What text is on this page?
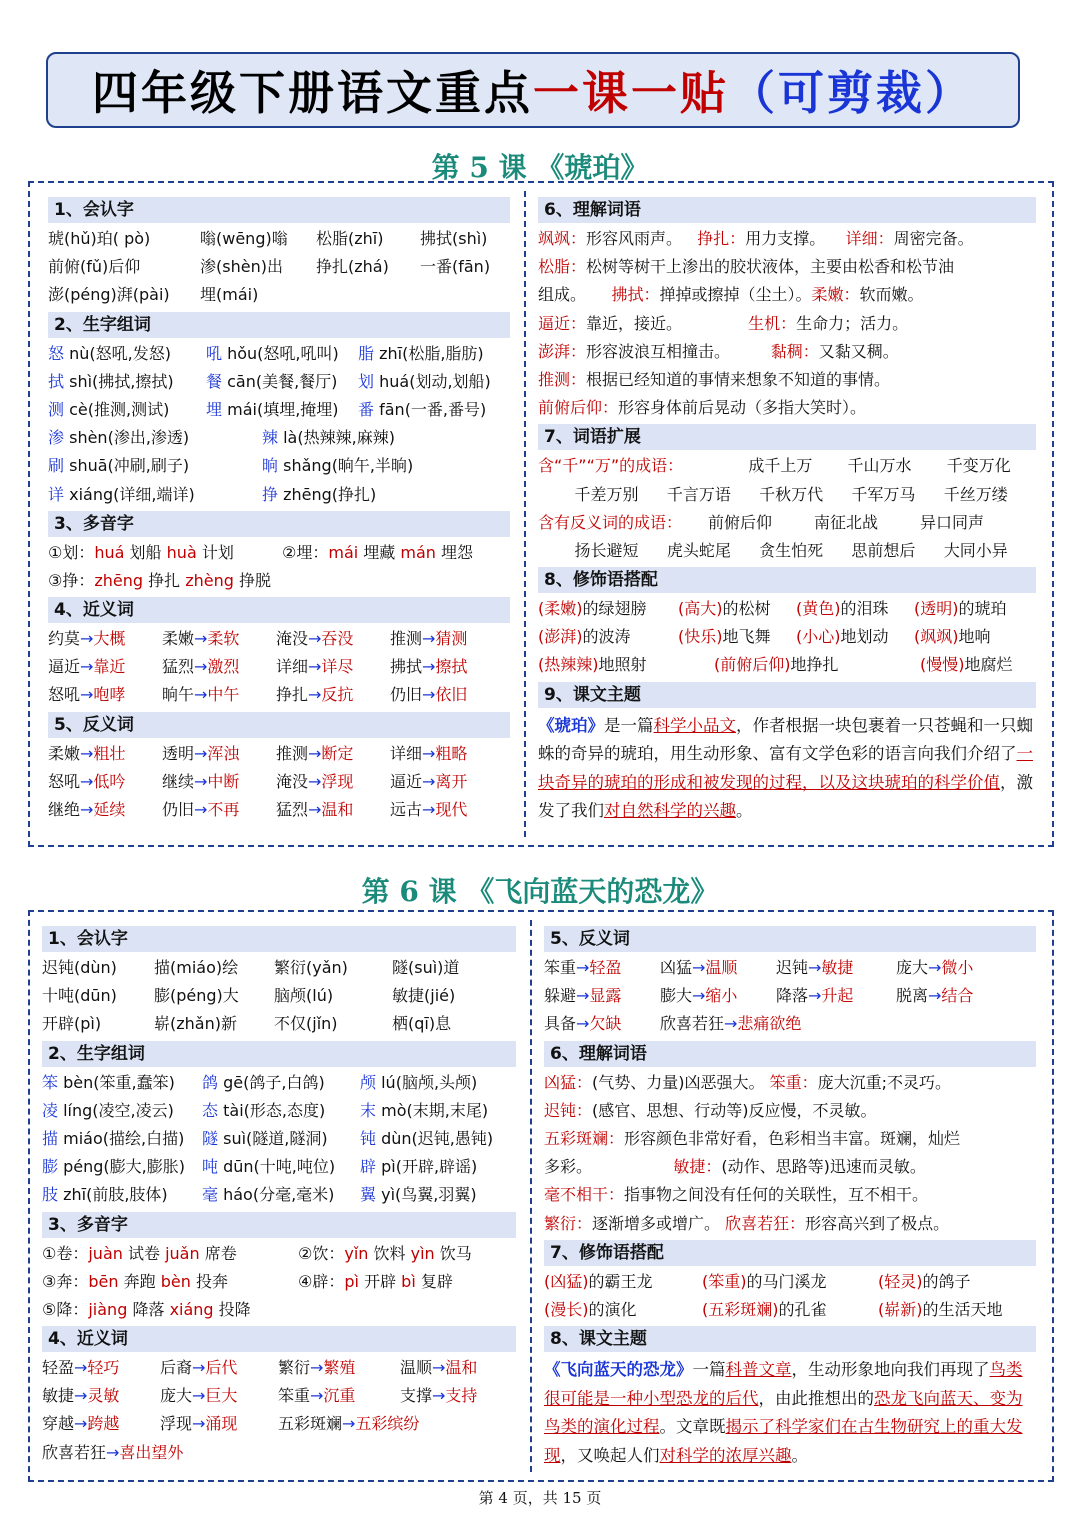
四年级下册语文重点 一课一贴 （可剪裁）
第 5 课 《琥珀》
1、会认字
琥(hǔ)珀( pò)	嗡(wēng)嗡	松脂(zhī)	拂拭(shì)
前俯(fǔ)后仰	渗(shèn)出	挣扎(zhá)	一番(fān)
澎(péng)湃(pài)	埋(mái)
2、生字组词
怒 nù(怒吼,发怒)	吼 hǒu(怒吼,吼叫)	脂 zhī(松脂,脂肪)
拭 shì(拂拭,擦拭)	餐 cān(美餐,餐厅)	划 huá(划动,划船)
测 cè(推测,测试)	埋 mái(填埋,掩埋)	番 fān(一番,番号)
渗 shèn(渗出,渗透)	辣 là(热辣辣,麻辣)
刷 shuā(冲刷,刷子)	晌 shǎng(晌午,半晌)
详 xiáng(详细,端详)	挣 zhēng(挣扎)
3、多音字
①划：huá 划船 huà 计划	②埋：mái 埋藏 mán 埋怨
③挣：zhēng 挣扎 zhèng 挣脱
4、近义词
约莫→大概	柔嫩→柔软	淹没→吞没	推测→猜测
逼近→靠近	猛烈→激烈	详细→详尽	拂拭→擦拭
怒吼→咆哮	晌午→中午	挣扎→反抗	仍旧→依旧
5、反义词
柔嫩→粗壮	透明→浑浊	推测→断定	详细→粗略
怒吼→低吟	继续→中断	淹没→浮现	逼近→离开
继绝→延续	仍旧→不再	猛烈→温和	远古→现代
6、理解词语
飒飒： 形容风雨声。 挣扎： 用力支撑。 详细： 周密完备。
松脂： 松树等树干上渗出的胶状液体，主要由松香和松节油
组成。 拂拭： 掸掉或擦掉（尘土）。 柔嫩： 软而嫩。
逼近： 靠近，接近。 生机： 生命力；活力。
澎湃： 形容波浪互相撞击。 黏稠： 又黏又稠。
推测： 根据已经知道的事情来想象不知道的事情。
前俯后仰： 形容身体前后晃动（多指大笑时）。
7、词语扩展
含“千”“万”的成语：	成千上万	千山万水	千变万化
千差万别	千言万语	千秋万代	千军万马	千丝万缕
含有反义词的成语：	前俯后仰	南征北战	异口同声
扬长避短	虎头蛇尾	贪生怕死	思前想后	大同小异
8、修饰语搭配
(柔嫩)的绿翅膀	(高大)的松树	(黄色)的泪珠	(透明)的琥珀
(澎湃)的波涛	(快乐)地飞舞	(小心)地划动	(飒飒)地响
(热辣辣)地照射	(前俯后仰)地挣扎	(慢慢)地腐烂
9、课文主题
《琥珀》是一篇科学小品文，作者根据一块包裹着一只苍蝇和一只蜘蛛的奇异的琥珀，用生动形象、富有文学色彩的语言向我们介绍了一块奇异的琥珀的形成和被发现的过程，以及这块琥珀的科学价值，激发了我们对自然科学的兴趣。
第 6 课 《飞向蓝天的恐龙》
1、会认字
迟钝(dùn)	描(miáo)绘	繁衍(yǎn)	隧(suì)道
十吨(dūn)	膨(péng)大	脑颅(lú)	敏捷(jié)
开辟(pì)	崭(zhǎn)新	不仅(jǐn)	栖(qī)息
2、生字组词
笨 bèn(笨重,蠢笨)	鸽 gē(鸽子,白鸽)	颅 lú(脑颅,头颅)
凌 líng(凌空,凌云)	态 tài(形态,态度)	末 mò(末期,末尾)
描 miáo(描绘,白描)	隧 suì(隧道,隧洞)	钝 dùn(迟钝,愚钝)
膨 péng(膨大,膨胀)	吨 dūn(十吨,吨位)	辟 pì(开辟,辟谣)
肢 zhī(前肢,肢体)	毫 háo(分毫,毫米)	翼 yì(鸟翼,羽翼)
3、多音字
①卷：juàn 试卷 juǎn 席卷	②饮：yǐn 饮料 yìn 饮马
③奔：bēn 奔跑 bèn 投奔	④辟：pì 开辟 bì 复辟
⑤降：jiàng 降落 xiáng 投降
4、近义词
轻盈→轻巧	后裔→后代	繁衍→繁殖	温顺→温和
敏捷→灵敏	庞大→巨大	笨重→沉重	支撑→支持
穿越→跨越	浮现→涌现	五彩斑斓→五彩缤纷
欣喜若狂→喜出望外
5、反义词
笨重→轻盈	凶猛→温顺	迟钝→敏捷	庞大→微小
躲避→显露	膨大→缩小	降落→升起	脱离→结合
具备→欠缺	欣喜若狂→悲痛欲绝
6、理解词语
凶猛： (气势、力量)凶恶强大。 笨重： 庞大沉重;不灵巧。
迟钝： (感官、思想、行动等)反应慢，不灵敏。
五彩斑斓： 形容颜色非常好看，色彩相当丰富。斑斓，灿烂
多彩。 敏捷： (动作、思路等)迅速而灵敏。
毫不相干： 指事物之间没有任何的关联性，互不相干。
繁衍： 逐渐增多或增广。 欣喜若狂： 形容高兴到了极点。
7、修饰语搭配
(凶猛)的霸王龙	(笨重)的马门溪龙	(轻灵)的鸽子
(漫长)的演化	(五彩斑斓)的孔雀	(崭新)的生活天地
8、课文主题
《飞向蓝天的恐龙》一篇科普文章，生动形象地向我们再现了鸟类很可能是一种小型恐龙的后代，由此推想出的恐龙飞向蓝天、变为鸟类的演化过程。文章既揭示了科学家们在古生物研究上的重大发现，又唤起人们对科学的浓厚兴趣。
第 4 页，共 15 页
